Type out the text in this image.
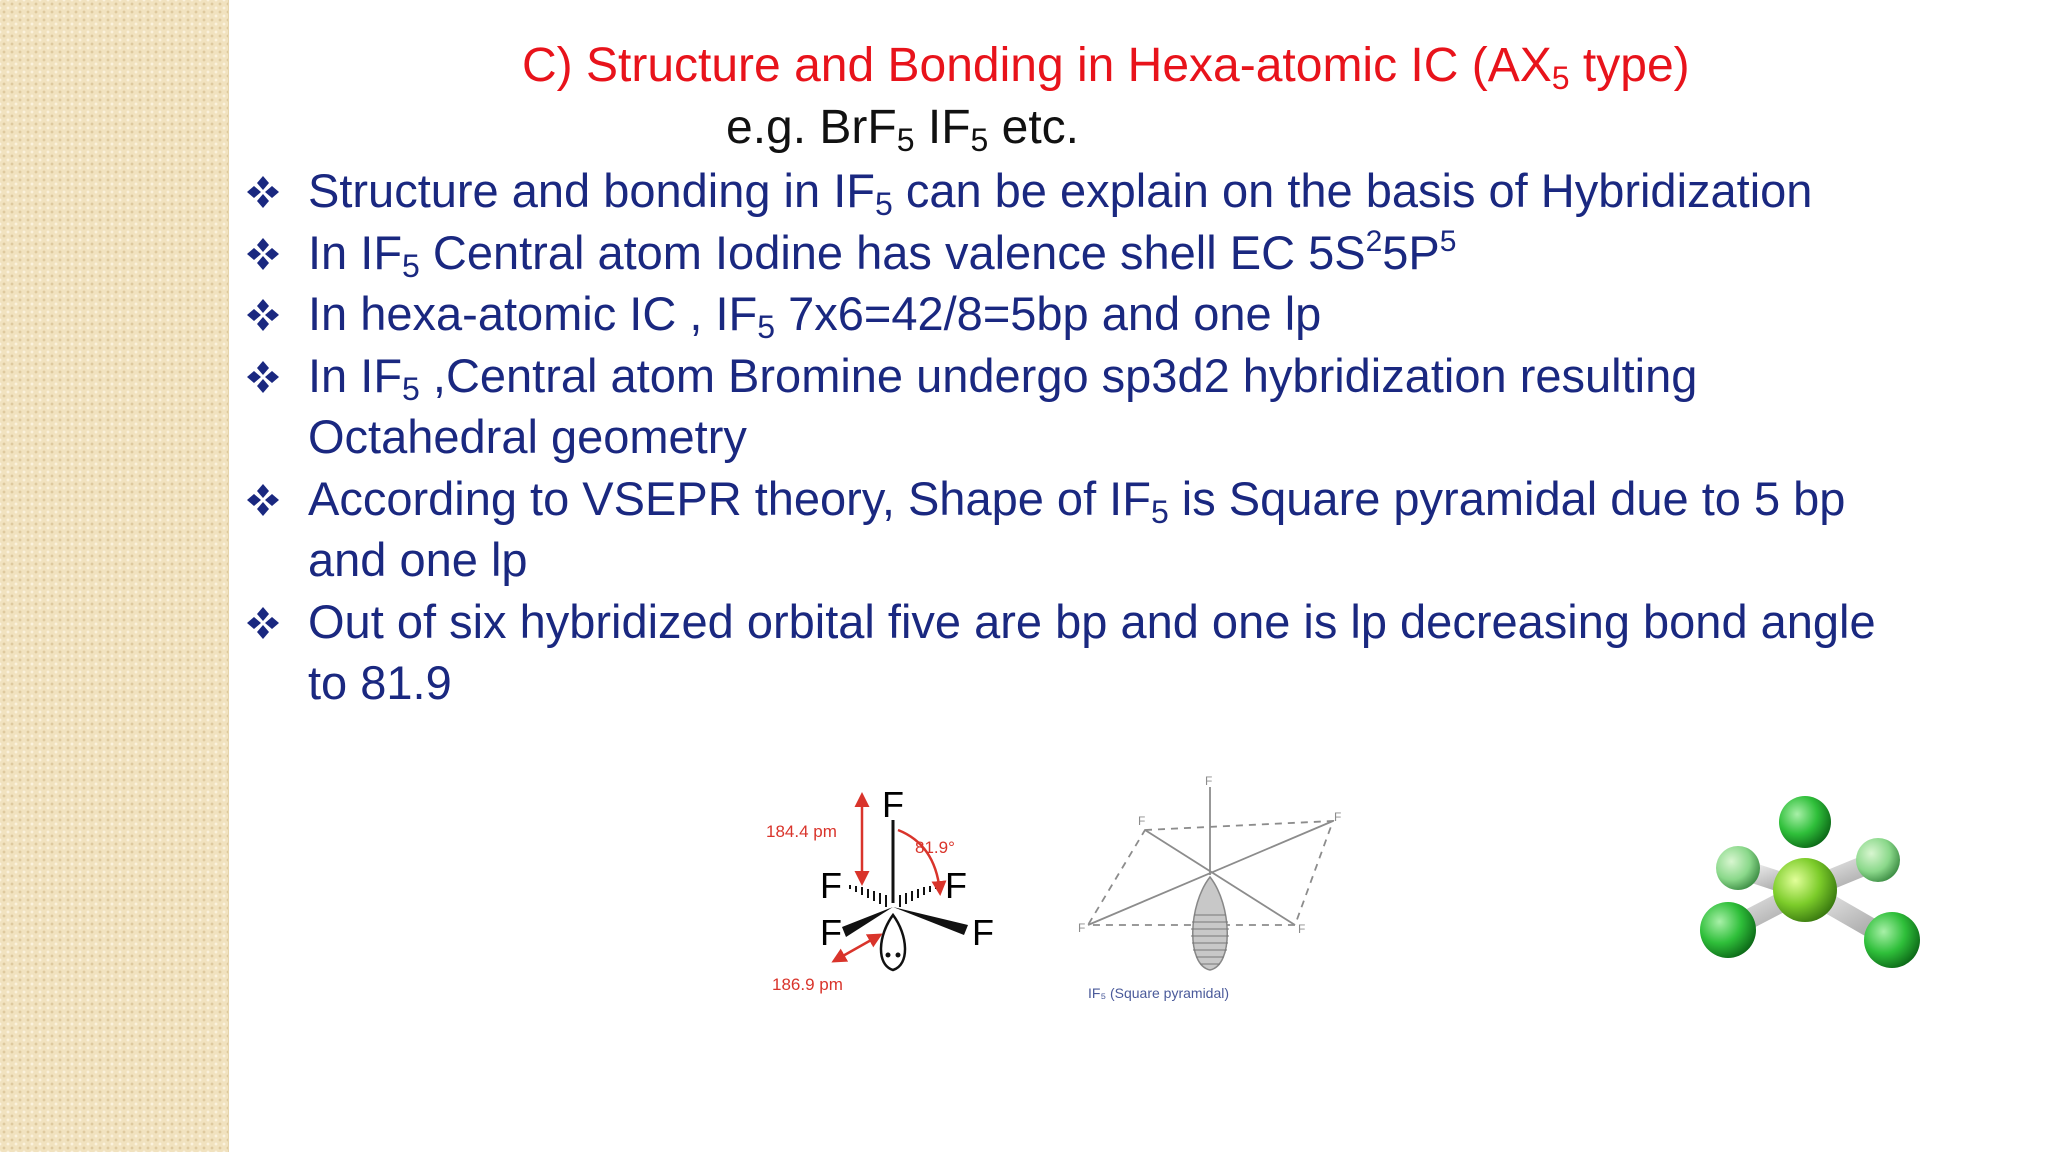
C) Structure and Bonding in Hexa-atomic IC ($AX_5$ type)
e.g. BrF$_5$ $IF_5$ etc.
Structure and bonding in $IF_5$ can be explain on the basis of Hybridization
In $IF_5$ Central atom Iodine has valence shell EC $5S^25P^5$
In hexa-atomic IC , $IF_5$ 7x6=42/8=5bp and one lp
In $IF_5$ ,Central atom Bromine undergo sp3d2 hybridization resulting
Octahedral geometry
According to VSEPR theory, Shape of $IF_5$ is Square pyramidal due to 5 bp
and one lp
Out of six hybridized orbital five are bp and one is lp decreasing bond angle
to 81.9
F
F	F
F	F
184.4 pm
186.9 pm
81.9°
F
F	F
F	F
IF₅ (Square pyramidal)
